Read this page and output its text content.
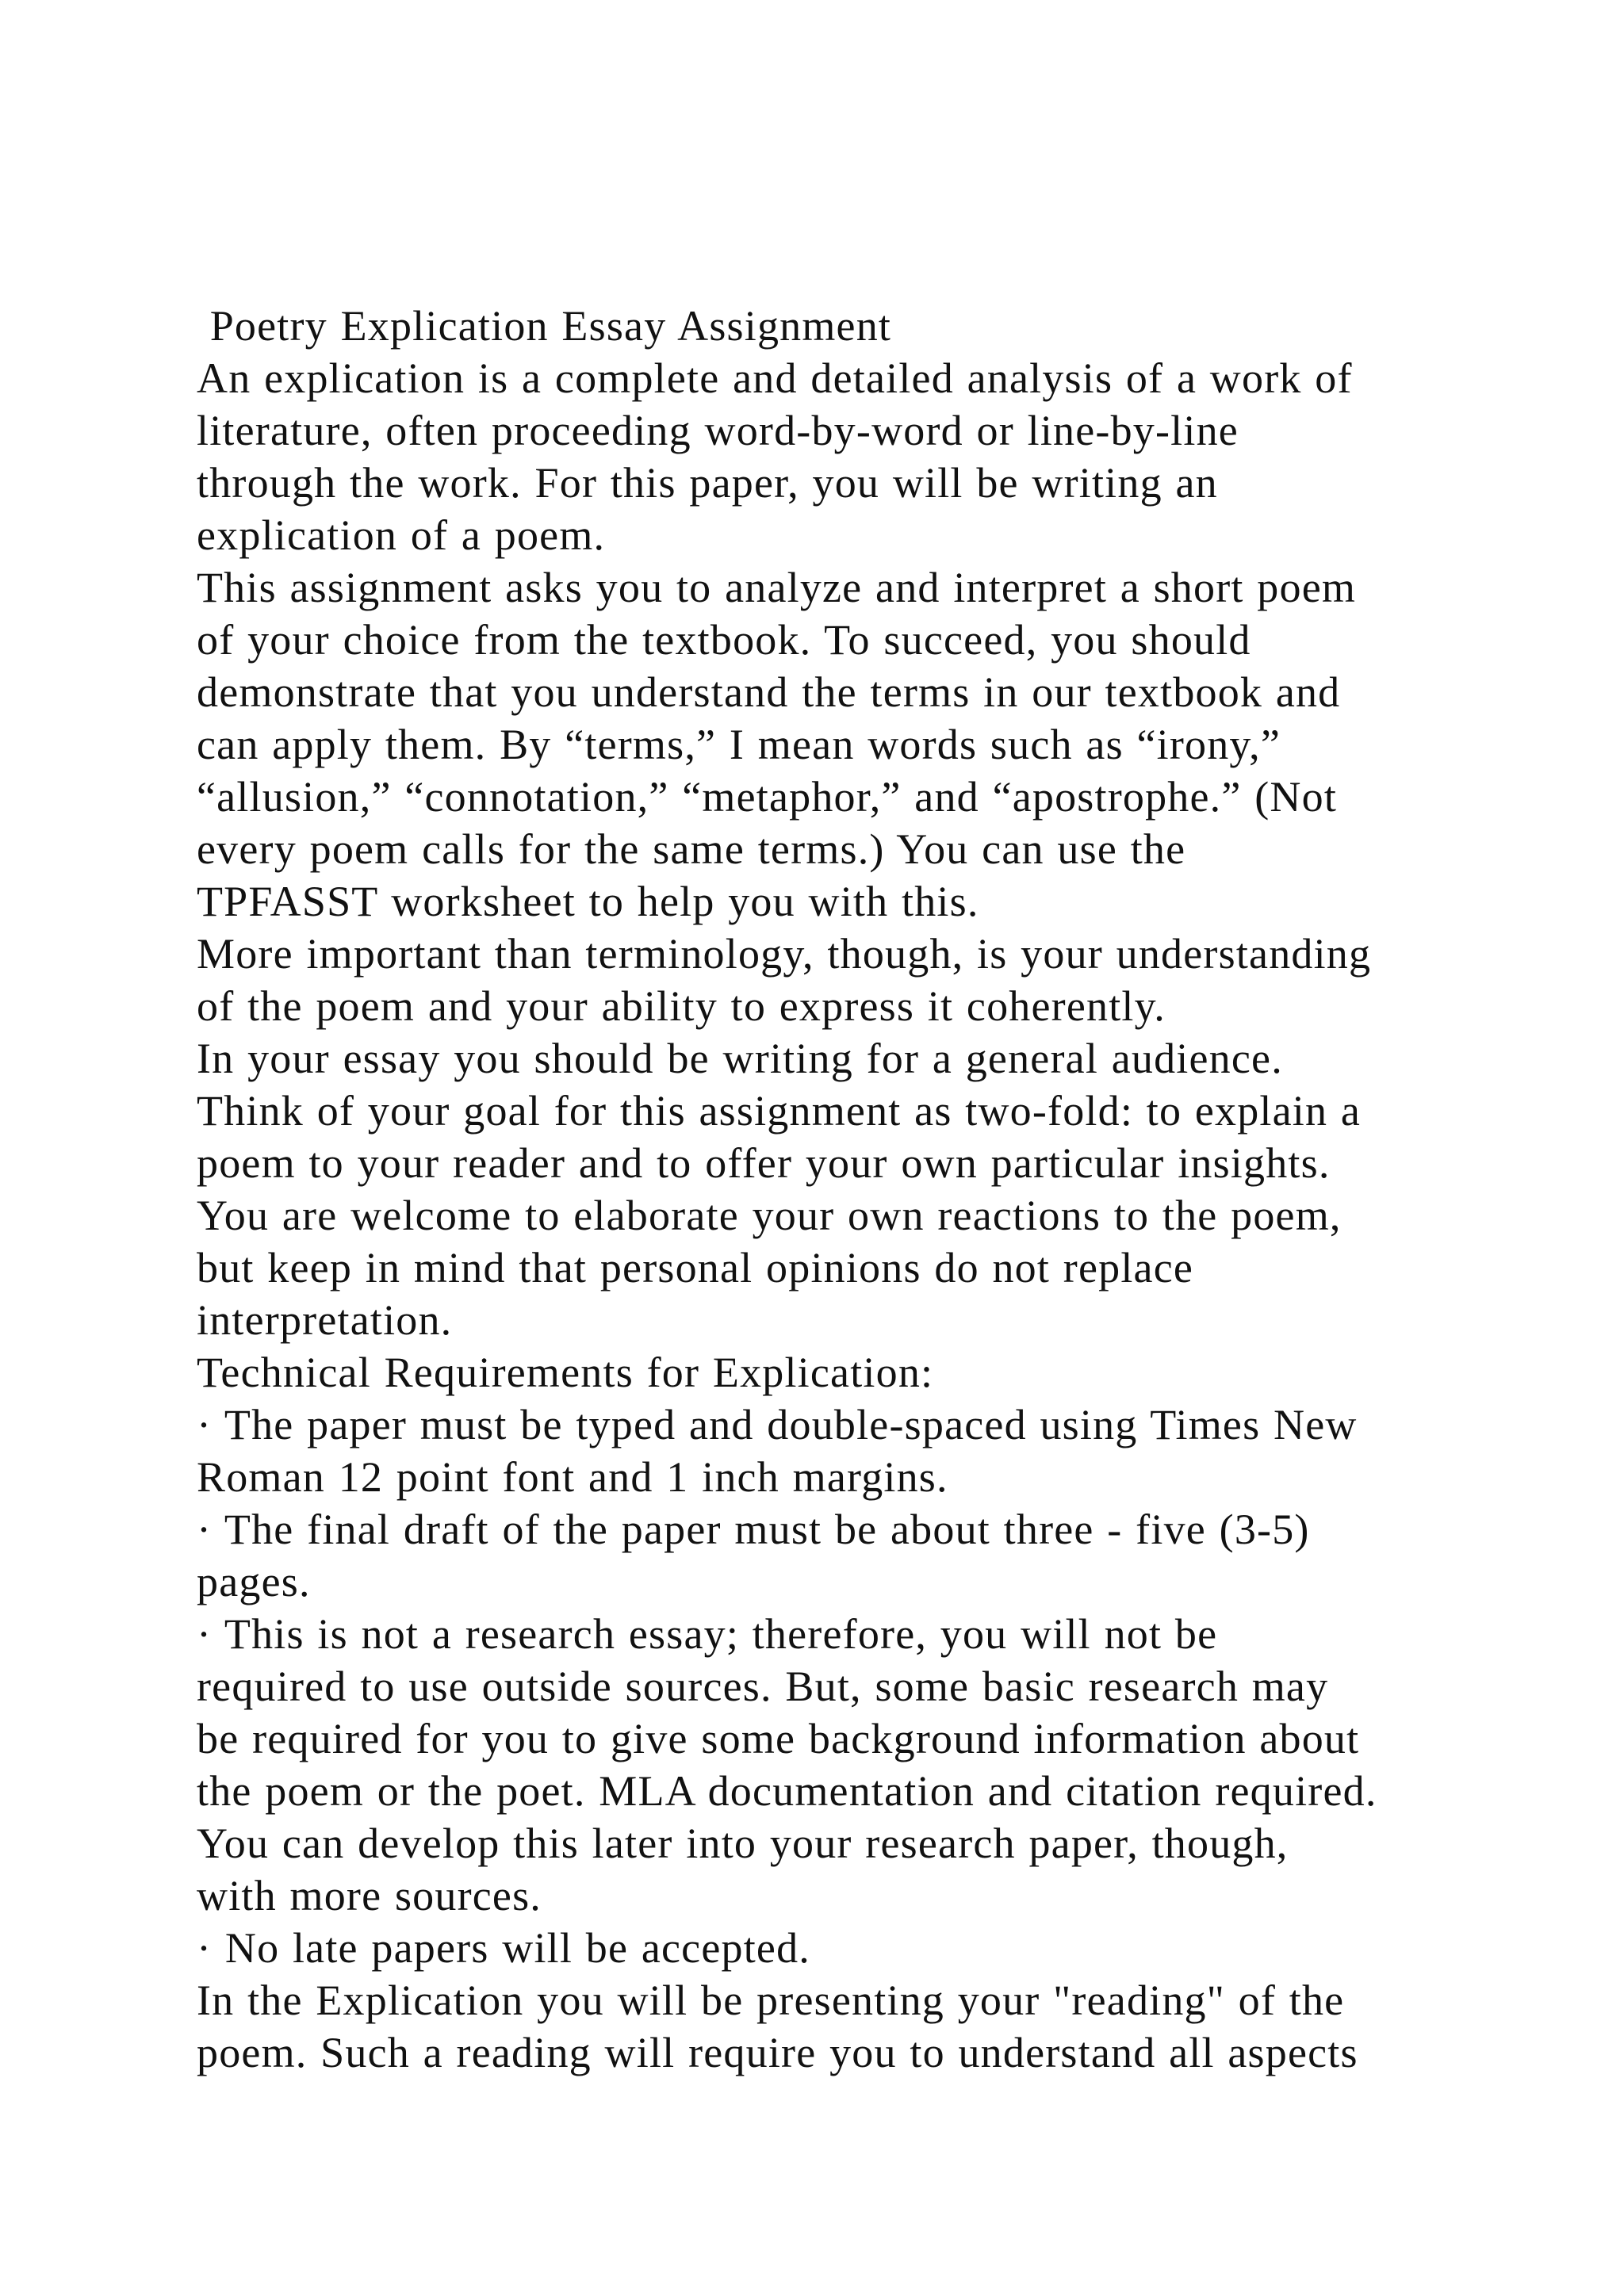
Poetry Explication Essay Assignment
An explication is a complete and detailed analysis of a work of
literature, often proceeding word-by-word or line-by-line
through the work. For this paper, you will be writing an
explication of a poem.
This assignment asks you to analyze and interpret a short poem
of your choice from the textbook. To succeed, you should
demonstrate that you understand the terms in our textbook and
can apply them. By “terms,” I mean words such as “irony,”
“allusion,” “connotation,” “metaphor,” and “apostrophe.” (Not
every poem calls for the same terms.) You can use the
TPFASST worksheet to help you with this.
More important than terminology, though, is your understanding
of the poem and your ability to express it coherently.
In your essay you should be writing for a general audience.
Think of your goal for this assignment as two-fold: to explain a
poem to your reader and to offer your own particular insights.
You are welcome to elaborate your own reactions to the poem,
but keep in mind that personal opinions do not replace
interpretation.
Technical Requirements for Explication:
· The paper must be typed and double-spaced using Times New
Roman 12 point font and 1 inch margins.
· The final draft of the paper must be about three - five (3-5)
pages.
· This is not a research essay; therefore, you will not be
required to use outside sources. But, some basic research may
be required for you to give some background information about
the poem or the poet. MLA documentation and citation required.
You can develop this later into your research paper, though,
with more sources.
· No late papers will be accepted.
In the Explication you will be presenting your "reading" of the
poem. Such a reading will require you to understand all aspects
